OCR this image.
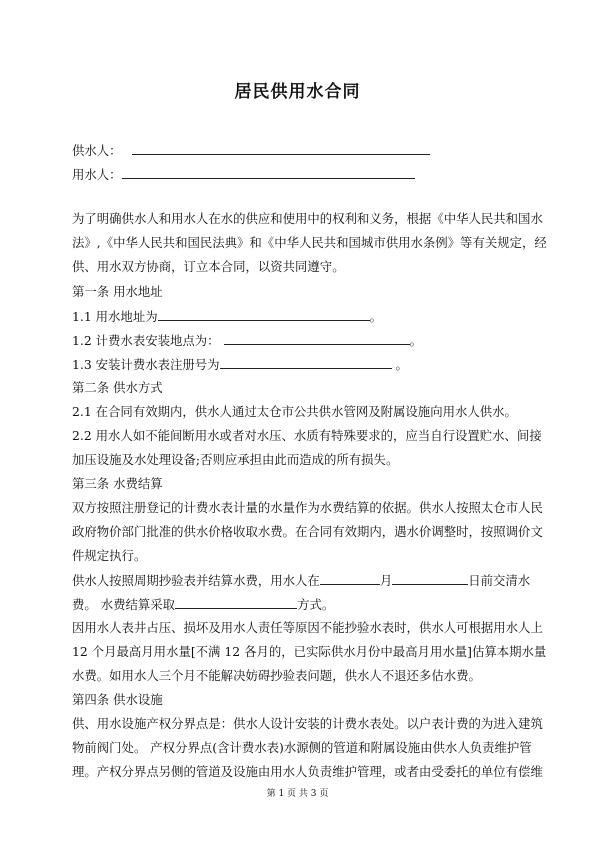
居民供用水合同
供水人：
用水人：
为了明确供水人和用水人在水的供应和使用中的权利和义务，根据《中华人民共和国水
法》,《中华人民共和国民法典》和《中华人民共和国城市供用水条例》等有关规定，经
供、用水双方协商，订立本合同，以资共同遵守。
第一条 用水地址
1.1 用水地址为	。
1.2 计费水表安装地点为：	。
1.3 安装计费水表注册号为	。
第二条 供水方式
2.1 在合同有效期内，供水人通过太仓市公共供水管网及附属设施向用水人供水。
2.2 用水人如不能间断用水或者对水压、水质有特殊要求的，应当自行设置贮水、间接
加压设施及水处理设备;否则应承担由此而造成的所有损失。
第三条 水费结算
双方按照注册登记的计费水表计量的水量作为水费结算的依据。供水人按照太仓市人民
政府物价部门批准的供水价格收取水费。在合同有效期内，遇水价调整时，按照调价文
件规定执行。
供水人按照周期抄验表并结算水费，用水人在	月	日前交清水
费。 水费结算采取	方式。
因用水人表井占压、损坏及用水人责任等原因不能抄验水表时，供水人可根据用水人上
12 个月最高月用水量[不满 12 各月的，已实际供水月份中最高月用水量]估算本期水量
水费。如用水人三个月不能解决妨碍抄验表问题，供水人不退还多估水费。
第四条 供水设施
供、用水设施产权分界点是：供水人设计安装的计费水表处。以户表计费的为进入建筑
物前阀门处。 产权分界点(含计费水表)水源侧的管道和附属设施由供水人负责维护管
理。产权分界点另侧的管道及设施由用水人负责维护管理，或者由受委托的单位有偿维
第 1 页 共 3 页
